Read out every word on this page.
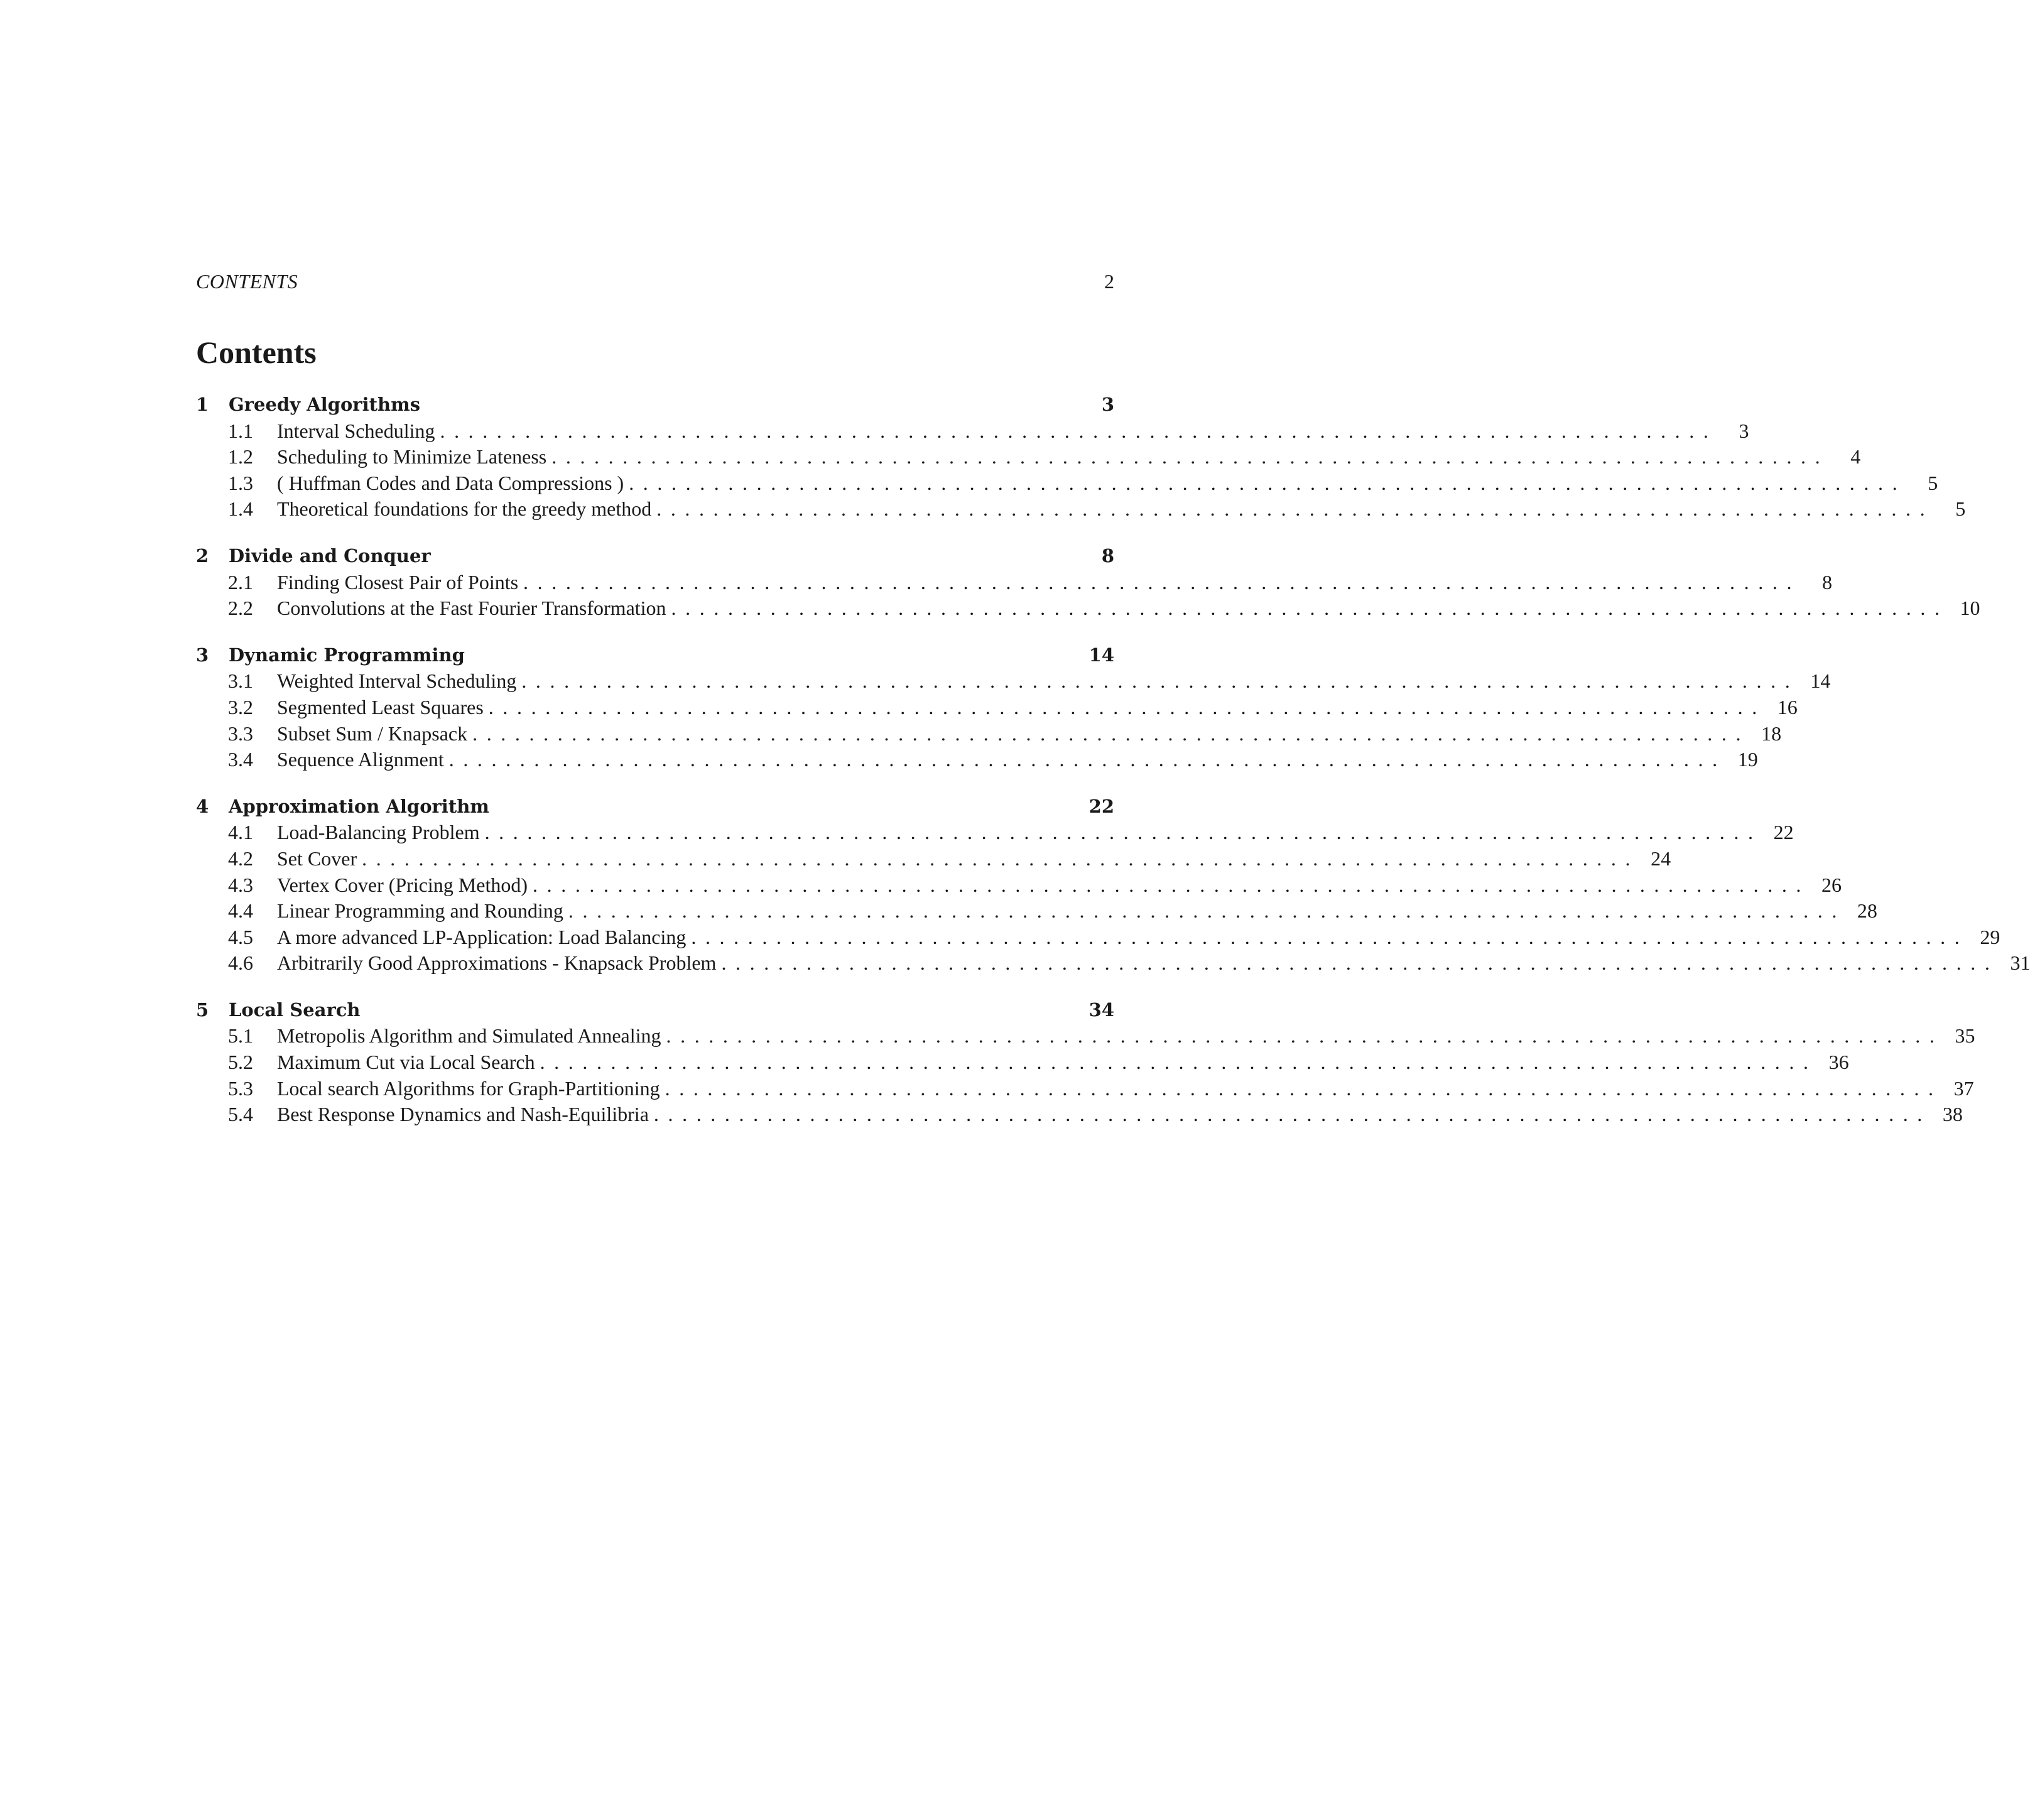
CONTENTS	2
Contents
1	Greedy Algorithms	3
1.1	Interval Scheduling ..........................................................................................	3
1.2	Scheduling to Minimize Lateness ..........................................................................................	4
1.3	( Huffman Codes and Data Compressions ) ..........................................................................................	5
1.4	Theoretical foundations for the greedy method ..........................................................................................	5
2	Divide and Conquer	8
2.1	Finding Closest Pair of Points ..........................................................................................	8
2.2	Convolutions at the Fast Fourier Transformation .......................................................................................... 10
3	Dynamic Programming	14
3.1	Weighted Interval Scheduling .......................................................................................... 14
3.2	Segmented Least Squares .......................................................................................... 16
3.3	Subset Sum / Knapsack .......................................................................................... 18
3.4	Sequence Alignment .......................................................................................... 19
4	Approximation Algorithm	22
4.1	Load-Balancing Problem .......................................................................................... 22
4.2	Set Cover .......................................................................................... 24
4.3	Vertex Cover (Pricing Method) .......................................................................................... 26
4.4	Linear Programming and Rounding .......................................................................................... 28
4.5	A more advanced LP-Application: Load Balancing .......................................................................................... 29
4.6	Arbitrarily Good Approximations - Knapsack Problem .......................................................................................... 31
5	Local Search	34
5.1	Metropolis Algorithm and Simulated Annealing .......................................................................................... 35
5.2	Maximum Cut via Local Search .......................................................................................... 36
5.3	Local search Algorithms for Graph-Partitioning .......................................................................................... 37
5.4	Best Response Dynamics and Nash-Equilibria .......................................................................................... 38
